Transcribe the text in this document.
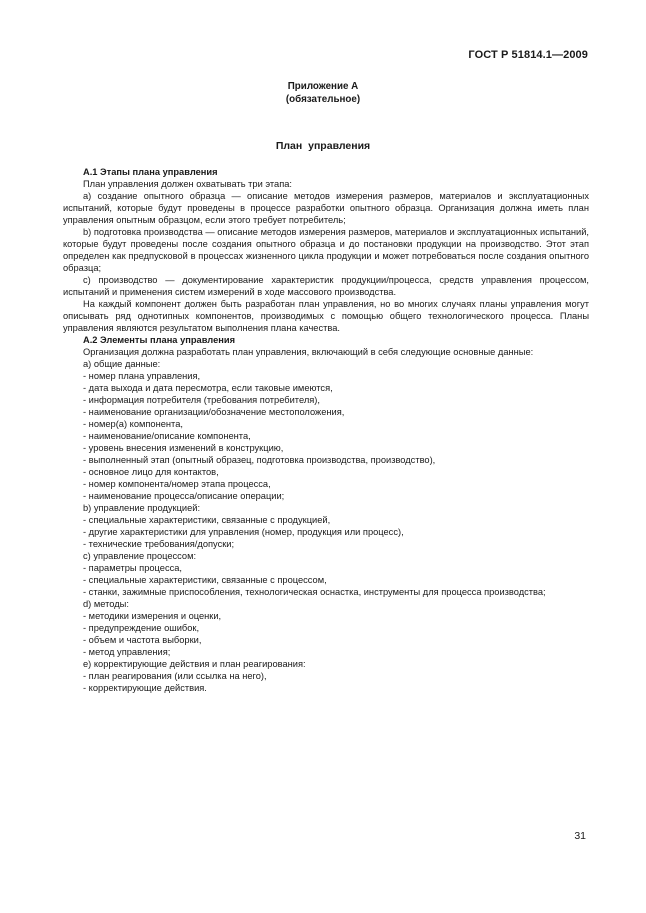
ГОСТ Р 51814.1—2009
Приложение А
(обязательное)
План управления

А.1 Этапы плана управления

План управления должен охватывать три этапа:

а) создание опытного образца — описание методов измерения размеров, материалов и эксплуатационных испытаний, которые будут проведены в процессе разработки опытного образца. Организация должна иметь план управления опытным образцом, если этого требует потребитель;

b) подготовка производства — описание методов измерения размеров, материалов и эксплуатационных испытаний, которые будут проведены после создания опытного образца и до постановки продукции на производство. Этот этап определен как предпусковой в процессах жизненного цикла продукции и может потребоваться после создания опытного образца;

с) производство — документирование характеристик продукции/процесса, средств управления процессом, испытаний и применения систем измерений в ходе массового производства.

На каждый компонент должен быть разработан план управления, но во многих случаях планы управления могут описывать ряд однотипных компонентов, производимых с помощью общего технологического процесса. Планы управления являются результатом выполнения плана качества.

А.2 Элементы плана управления

Организация должна разработать план управления, включающий в себя следующие основные данные:

а) общие данные:

- номер плана управления,

- дата выхода и дата пересмотра, если таковые имеются,

- информация потребителя (требования потребителя),

- наименование организации/обозначение местоположения,

- номер(а) компонента,

- наименование/описание компонента,

- уровень внесения изменений в конструкцию,

- выполненный этап (опытный образец, подготовка производства, производство),

- основное лицо для контактов,

- номер компонента/номер этапа процесса,

- наименование процесса/описание операции;

b) управление продукцией:

- специальные характеристики, связанные с продукцией,

- другие характеристики для управления (номер, продукция или процесс),

- технические требования/допуски;

с) управление процессом:

- параметры процесса,

- специальные характеристики, связанные с процессом,

- станки, зажимные приспособления, технологическая оснастка, инструменты для процесса производства;

d) методы:

- методики измерения и оценки,

- предупреждение ошибок,

- объем и частота выборки,

- метод управления;

е) корректирующие действия и план реагирования:

- план реагирования (или ссылка на него),

- корректирующие действия.

31
